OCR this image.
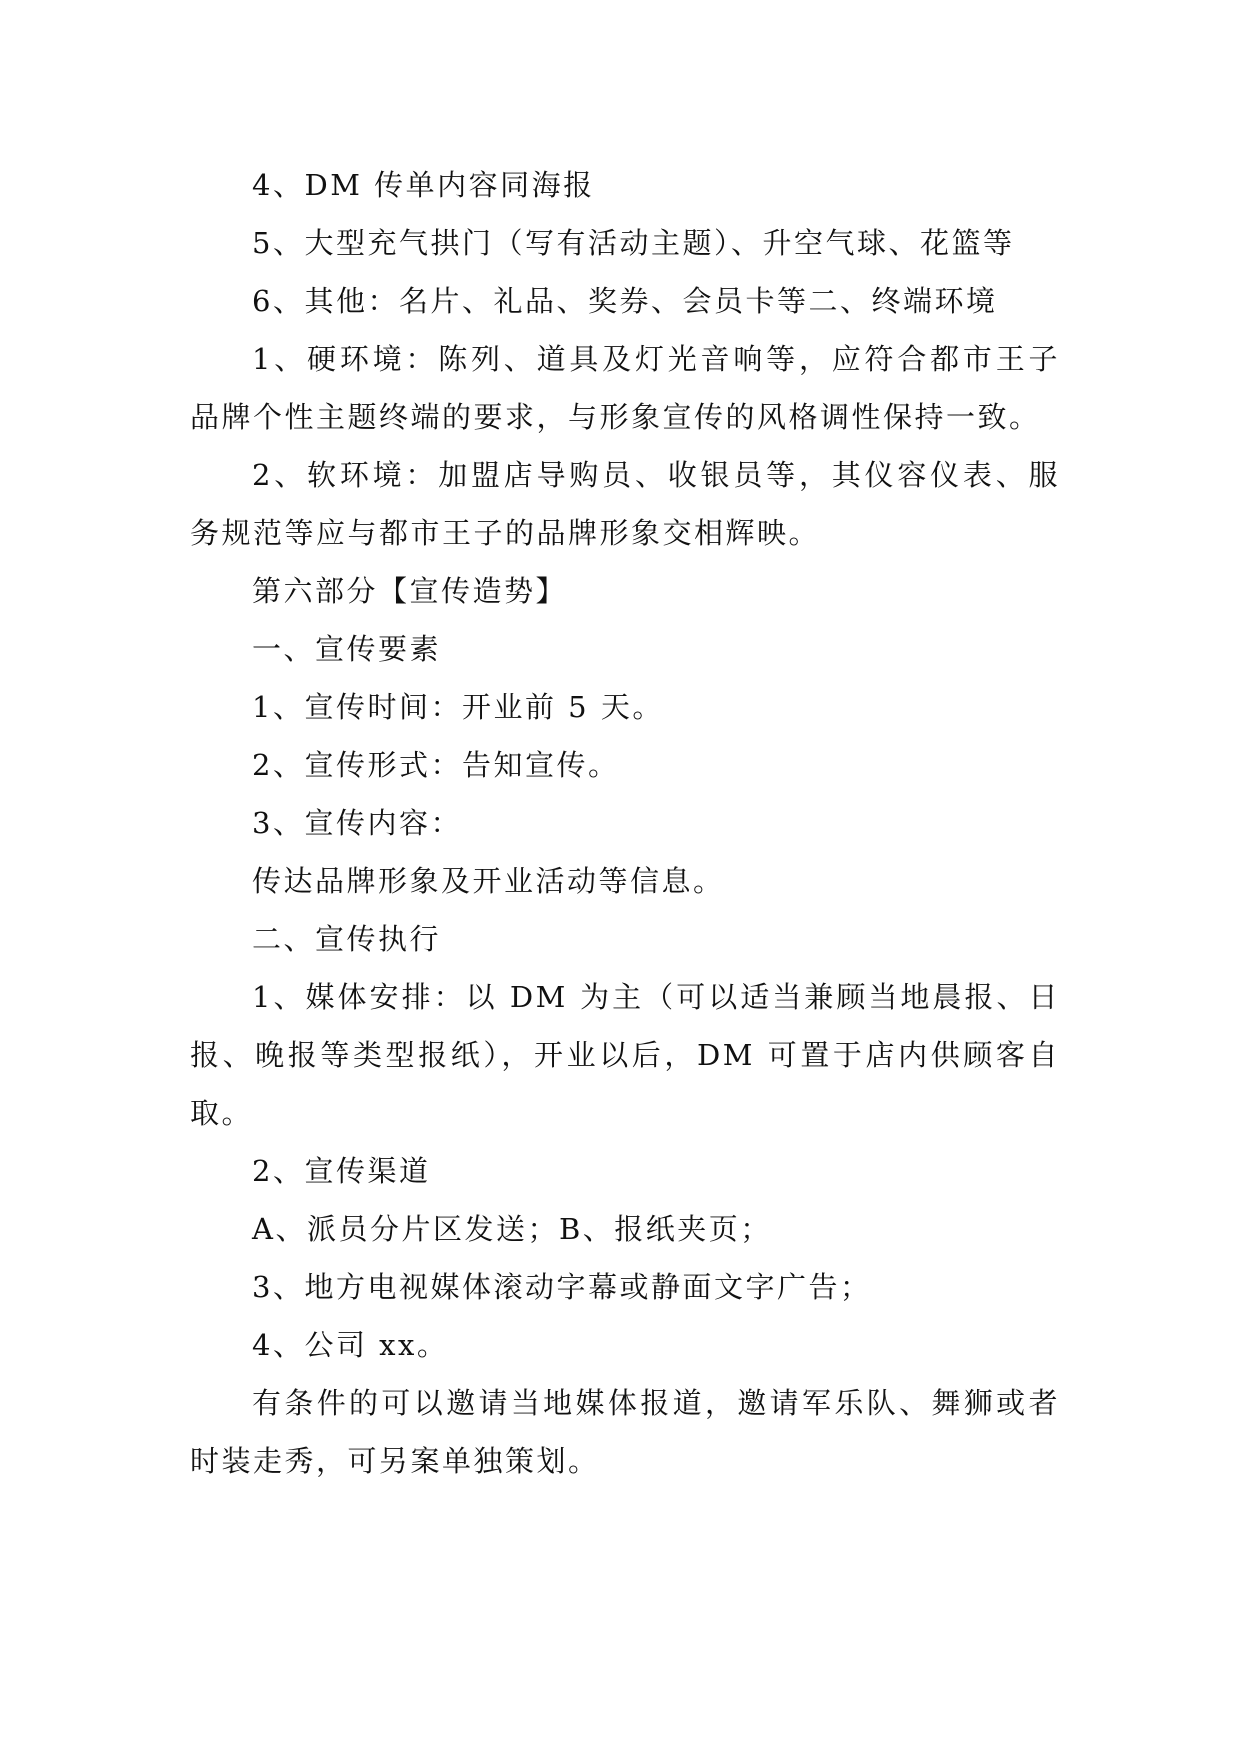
4、DM 传单内容同海报

5、大型充气拱门（写有活动主题）、升空气球、花篮等

6、其他：名片、礼品、奖券、会员卡等二、终端环境

1、硬环境：陈列、道具及灯光音响等，应符合都市王子品牌个性主题终端的要求，与形象宣传的风格调性保持一致。

2、软环境：加盟店导购员、收银员等，其仪容仪表、服务规范等应与都市王子的品牌形象交相辉映。

第六部分【宣传造势】

一、宣传要素

1、宣传时间：开业前 5 天。

2、宣传形式：告知宣传。

3、宣传内容：

传达品牌形象及开业活动等信息。

二、宣传执行

1、媒体安排：以 DM 为主（可以适当兼顾当地晨报、日报、晚报等类型报纸），开业以后，DM 可置于店内供顾客自取。

2、宣传渠道

A、派员分片区发送；B、报纸夹页；

3、地方电视媒体滚动字幕或静面文字广告；

4、公司 xx。

有条件的可以邀请当地媒体报道，邀请军乐队、舞狮或者时装走秀，可另案单独策划。
